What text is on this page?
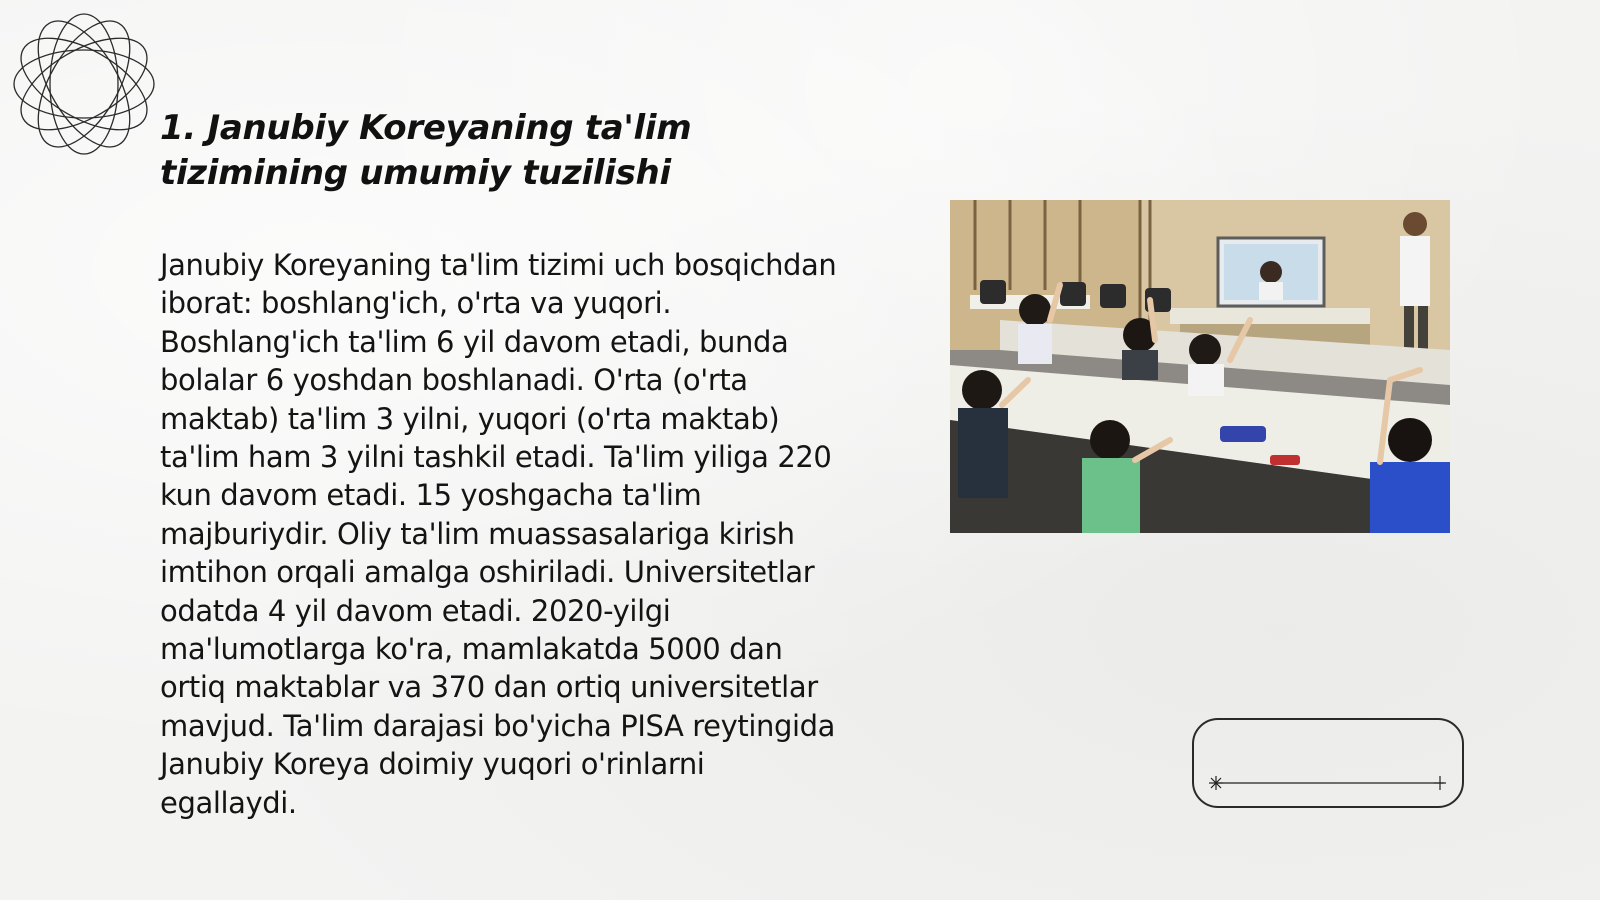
1. Janubiy Koreyaning ta'lim tizimining umumiy tuzilishi

Janubiy Koreyaning ta'lim tizimi uch bosqichdan iborat: boshlang'ich, o'rta va yuqori. Boshlang'ich ta'lim 6 yil davom etadi, bunda bolalar 6 yoshdan boshlanadi. O'rta (o'rta maktab) ta'lim 3 yilni, yuqori (o'rta maktab) ta'lim ham 3 yilni tashkil etadi. Ta'lim yiliga 220 kun davom etadi. 15 yoshgacha ta'lim majburiydir. Oliy ta'lim muassasalariga kirish imtihon orqali amalga oshiriladi. Universitetlar odatda 4 yil davom etadi. 2020-yilgi ma'lumotlarga ko'ra, mamlakatda 5000 dan ortiq maktablar va 370 dan ortiq universitetlar mavjud. Ta'lim darajasi bo'yicha PISA reytingida Janubiy Koreya doimiy yuqori o'rinlarni egallaydi.
